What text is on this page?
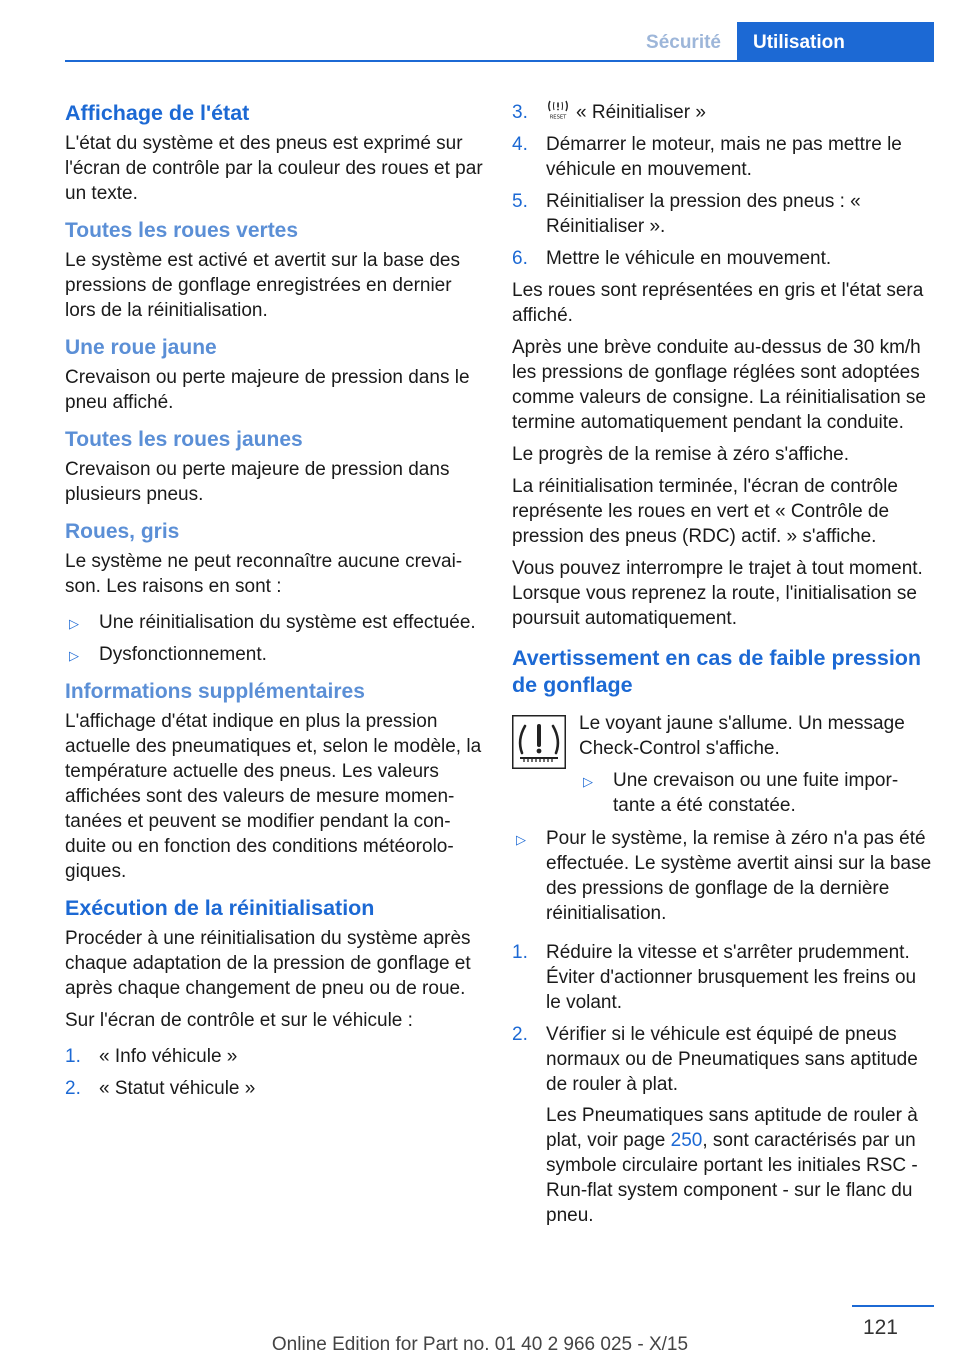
Sécurité	Utilisation
Affichage de l'état

L'état du système et des pneus est exprimé sur l'écran de contrôle par la couleur des roues et par un texte.

Toutes les roues vertes

Le système est activé et avertit sur la base des pressions de gonflage enregistrées en dernier lors de la réinitialisation.

Une roue jaune

Crevaison ou perte majeure de pression dans le pneu affiché.

Toutes les roues jaunes

Crevaison ou perte majeure de pression dans plusieurs pneus.

Roues, gris

Le système ne peut reconnaître aucune crevaison. Les raisons en sont :

▷ Une réinitialisation du système est effectuée.
▷ Dysfonctionnement.
Informations supplémentaires

L'affichage d'état indique en plus la pression actuelle des pneumatiques et, selon le modèle, la température actuelle des pneus. Les valeurs affichées sont des valeurs de mesure momentanées et peuvent se modifier pendant la conduite ou en fonction des conditions météorologiques.

Exécution de la réinitialisation

Procéder à une réinitialisation du système après chaque adaptation de la pression de gonflage et après chaque changement de pneu ou de roue.

Sur l'écran de contrôle et sur le véhicule :

1. « Info véhicule »
2. « Statut véhicule »
3.	RESET « Réinitialiser »
4. Démarrer le moteur, mais ne pas mettre le véhicule en mouvement.
5. Réinitialiser la pression des pneus : « Réinitialiser ».
6. Mettre le véhicule en mouvement.

Les roues sont représentées en gris et l'état sera affiché.

Après une brève conduite au-dessus de 30 km/h les pressions de gonflage réglées sont adoptées comme valeurs de consigne. La réinitialisation se termine automatiquement pendant la conduite.

Le progrès de la remise à zéro s'affiche.

La réinitialisation terminée, l'écran de contrôle représente les roues en vert et « Contrôle de pression des pneus (RDC) actif. » s'affiche.

Vous pouvez interrompre le trajet à tout moment. Lorsque vous reprenez la route, l'initialisation se poursuit automatiquement.

Avertissement en cas de faible pression de gonflage

Le voyant jaune s'allume. Un message Check-Control s'affiche.

▷ Une crevaison ou une fuite importante a été constatée.
▷ Pour le système, la remise à zéro n'a pas été effectuée. Le système avertit ainsi sur la base des pressions de gonflage de la dernière réinitialisation.
1. Réduire la vitesse et s'arrêter prudemment. Éviter d'actionner brusquement les freins ou le volant.
2. Vérifier si le véhicule est équipé de pneus normaux ou de Pneumatiques sans aptitude de rouler à plat.

Les Pneumatiques sans aptitude de rouler à plat, voir page 250, sont caractérisés par un symbole circulaire portant les initiales RSC - Run-flat system component - sur le flanc du pneu.

121
Online Edition for Part no. 01 40 2 966 025 - X/15
